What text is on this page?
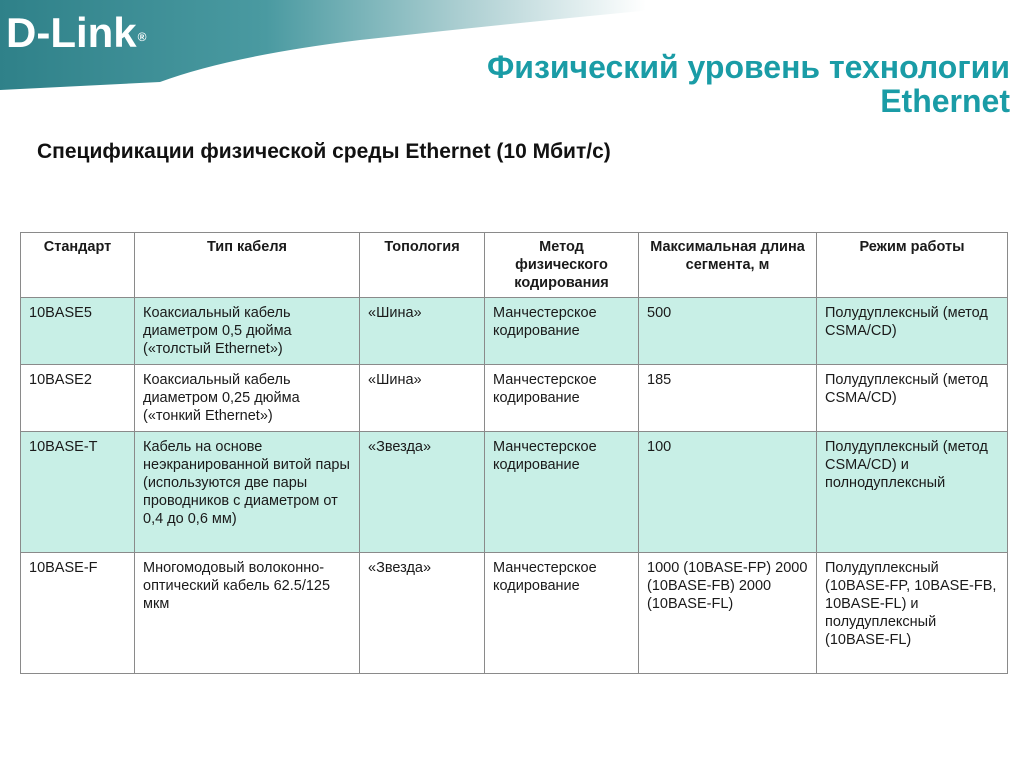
D-Link®
Физический уровень технологии
Ethernet
Спецификации физической среды Ethernet (10 Мбит/с)
Стандарт	Тип кабеля	Топология	Метод физического кодирования	Максимальная длина сегмента, м	Режим работы
10BASE5	Коаксиальный кабель диаметром 0,5 дюйма («толстый Ethernet»)	«Шина»	Манчестерское кодирование	500	Полудуплексный (метод CSMA/CD)
10BASE2	Коаксиальный кабель диаметром 0,25 дюйма («тонкий Ethernet»)	«Шина»	Манчестерское кодирование	185	Полудуплексный (метод CSMA/CD)
10BASE-T	Кабель на основе неэкранированной витой пары (используются две пары проводников с диаметром от 0,4 до 0,6 мм)	«Звезда»	Манчестерское кодирование	100	Полудуплексный (метод CSMA/CD) и полнодуплексный
10BASE-F	Многомодовый волоконно-оптический кабель 62.5/125 мкм	«Звезда»	Манчестерское кодирование	1000 (10BASE-FP) 2000 (10BASE-FB) 2000 (10BASE-FL)	Полудуплексный (10BASE-FP, 10BASE-FB, 10BASE-FL) и полудуплексный (10BASE-FL)
